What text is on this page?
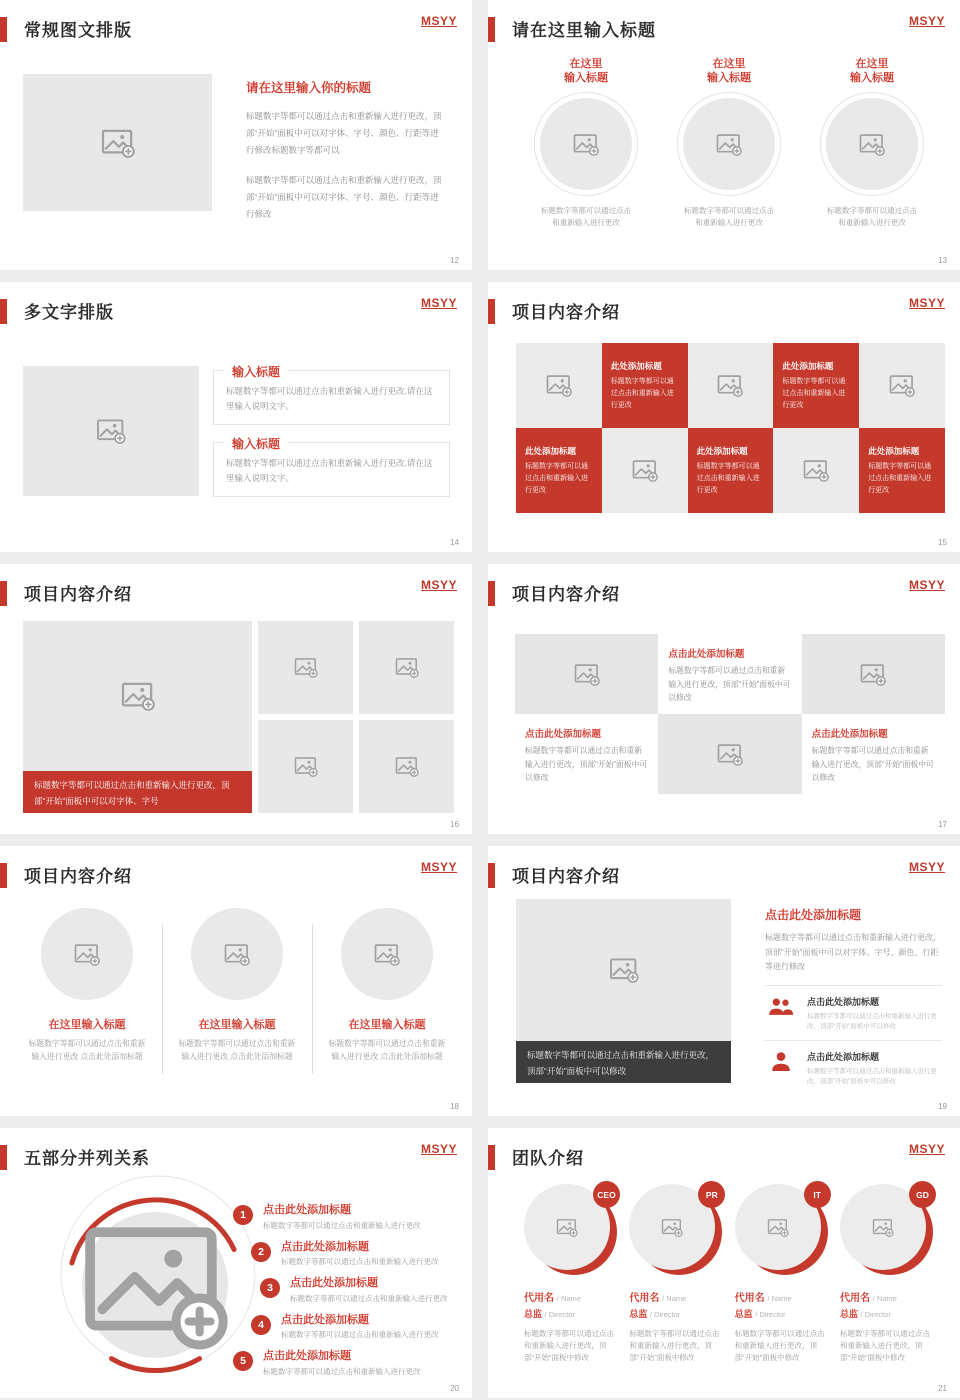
常规图文排版	MSYY
请在这里输入你的标题

标题数字等都可以通过点击和重新输入进行更改，顶部“开始”面板中可以对字体、字号、颜色、行距等进行修改标题数字等都可以

标题数字等都可以通过点击和重新输入进行更改，顶部“开始”面板中可以对字体、字号、颜色、行距等进行修改

12
请在这里输入标题	MSYY
在这里
输入标题
标题数字等都可以通过点击
和重新输入进行更改
在这里
输入标题
标题数字等都可以通过点击
和重新输入进行更改
在这里
输入标题
标题数字等都可以通过点击
和重新输入进行更改
13
多文字排版	MSYY
输入标题

标题数字等都可以通过点击和重新输入进行更改,请在这里输入说明文字。

输入标题

标题数字等都可以通过点击和重新输入进行更改,请在这里输入说明文字。

14
项目内容介绍	MSYY
此处添加标题

标题数字等都可以通过点击和重新输入进行更改

此处添加标题

标题数字等都可以通过点击和重新输入进行更改

此处添加标题

标题数字等都可以通过点击和重新输入进行更改

此处添加标题

标题数字等都可以通过点击和重新输入进行更改

此处添加标题

标题数字等都可以通过点击和重新输入进行更改

15
项目内容介绍	MSYY
标题数字等都可以通过点击和重新输入进行更改，顶部“开始”面板中可以对字体、字号
16
项目内容介绍	MSYY
点击此处添加标题

标题数字等都可以通过点击和重新输入进行更改，顶部“开始”面板中可以修改

点击此处添加标题

标题数字等都可以通过点击和重新输入进行更改，顶部“开始”面板中可以修改

点击此处添加标题

标题数字等都可以通过点击和重新输入进行更改，顶部“开始”面板中可以修改

17
项目内容介绍	MSYY
在这里输入标题

标题数字等都可以通过点击和重新输入进行更改 点击此处添加标题

在这里输入标题

标题数字等都可以通过点击和重新输入进行更改 点击此处添加标题

在这里输入标题

标题数字等都可以通过点击和重新输入进行更改 点击此处添加标题

18
项目内容介绍	MSYY
标题数字等都可以通过点击和重新输入进行更改，顶部“开始”面板中可以修改
点击此处添加标题

标题数字等都可以通过点击和重新输入进行更改，顶部“开始”面板中可以对字体、字号、颜色、行距等进行修改

点击此处添加标题

标题数字等都可以通过点击和重新输入进行更改，顶部“开始”面板中可以修改

点击此处添加标题

标题数字等都可以通过点击和重新输入进行更改，顶部“开始”面板中可以修改

19
五部分并列关系	MSYY
1	点击此处添加标题

标题数字等都可以通过点击和重新输入进行更改

2	点击此处添加标题

标题数字等都可以通过点击和重新输入进行更改

3	点击此处添加标题

标题数字等都可以通过点击和重新输入进行更改

4	点击此处添加标题

标题数字等都可以通过点击和重新输入进行更改

5	点击此处添加标题

标题数字等都可以通过点击和重新输入进行更改

20
团队介绍	MSYY
CEO
代用名 / Name
总监 / Director

标题数字等都可以通过点击和重新输入进行更改，顶部“开始”面板中修改

PR
代用名 / Name
总监 / Director

标题数字等都可以通过点击和重新输入进行更改，顶部“开始”面板中修改

IT
代用名 / Name
总监 / Director

标题数字等都可以通过点击和重新输入进行更改，顶部“开始”面板中修改

GD
代用名 / Name
总监 / Director

标题数字等都可以通过点击和重新输入进行更改，顶部“开始”面板中修改

21
